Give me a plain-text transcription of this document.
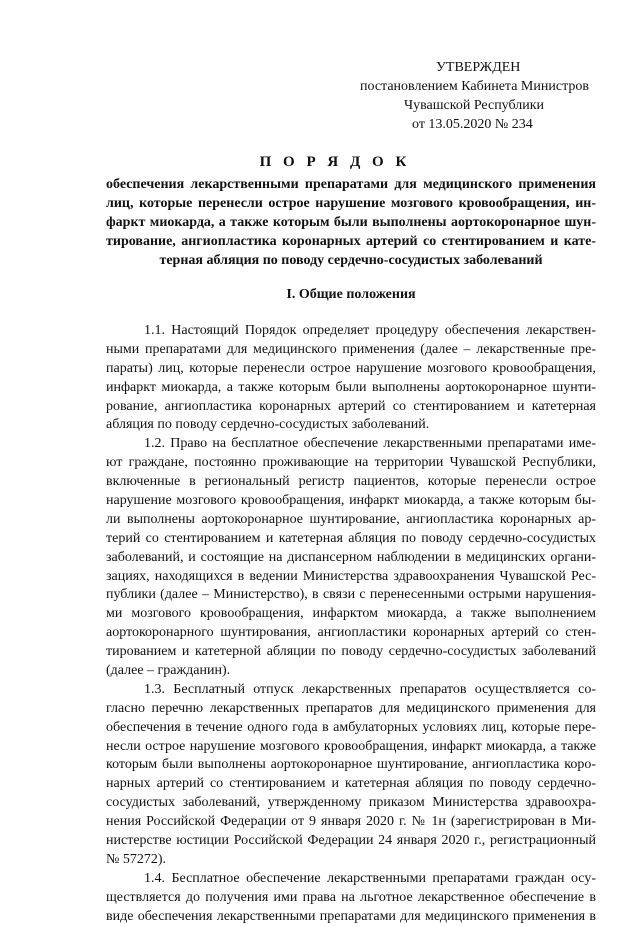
УТВЕРЖДЕН
постановлением Кабинета Министров
Чувашской Республики
от 13.05.2020 № 234
П О Р Я Д О К
обеспечения лекарственными препаратами для медицинского применения
лиц, которые перенесли острое нарушение мозгового кровообращения, ин-
фаркт миокарда, а также которым были выполнены аортокоронарное шун-
тирование, ангиопластика коронарных артерий со стентированием и кате-
терная абляция по поводу сердечно-сосудистых заболеваний
I. Общие положения
1.1. Настоящий Порядок определяет процедуру обеспечения лекарствен-
ными препаратами для медицинского применения (далее – лекарственные пре-
параты) лиц, которые перенесли острое нарушение мозгового кровообращения,
инфаркт миокарда, а также которым были выполнены аортокоронарное шунти-
рование, ангиопластика коронарных артерий со стентированием и катетерная
абляция по поводу сердечно-сосудистых заболеваний.
1.2. Право на бесплатное обеспечение лекарственными препаратами име-
ют граждане, постоянно проживающие на территории Чувашской Республики,
включенные в региональный регистр пациентов, которые перенесли острое
нарушение мозгового кровообращения, инфаркт миокарда, а также которым бы-
ли выполнены аортокоронарное шунтирование, ангиопластика коронарных ар-
терий со стентированием и катетерная абляция по поводу сердечно-сосудистых
заболеваний, и состоящие на диспансерном наблюдении в медицинских органи-
зациях, находящихся в ведении Министерства здравоохранения Чувашской Рес-
публики (далее – Министерство), в связи с перенесенными острыми нарушения-
ми мозгового кровообращения, инфарктом миокарда, а также выполнением
аортокоронарного шунтирования, ангиопластики коронарных артерий со стен-
тированием и катетерной абляции по поводу сердечно-сосудистых заболеваний
(далее – гражданин).
1.3. Бесплатный отпуск лекарственных препаратов осуществляется со-
гласно перечню лекарственных препаратов для медицинского применения для
обеспечения в течение одного года в амбулаторных условиях лиц, которые пере-
несли острое нарушение мозгового кровообращения, инфаркт миокарда, а также
которым были выполнены аортокоронарное шунтирование, ангиопластика коро-
нарных артерий со стентированием и катетерная абляция по поводу сердечно-
сосудистых заболеваний, утвержденному приказом Министерства здравоохра-
нения Российской Федерации от 9 января 2020 г. № 1н (зарегистрирован в Ми-
нистерстве юстиции Российской Федерации 24 января 2020 г., регистрационный
№ 57272).
1.4. Бесплатное обеспечение лекарственными препаратами граждан осу-
ществляется до получения ими права на льготное лекарственное обеспечение в
виде обеспечения лекарственными препаратами для медицинского применения в
